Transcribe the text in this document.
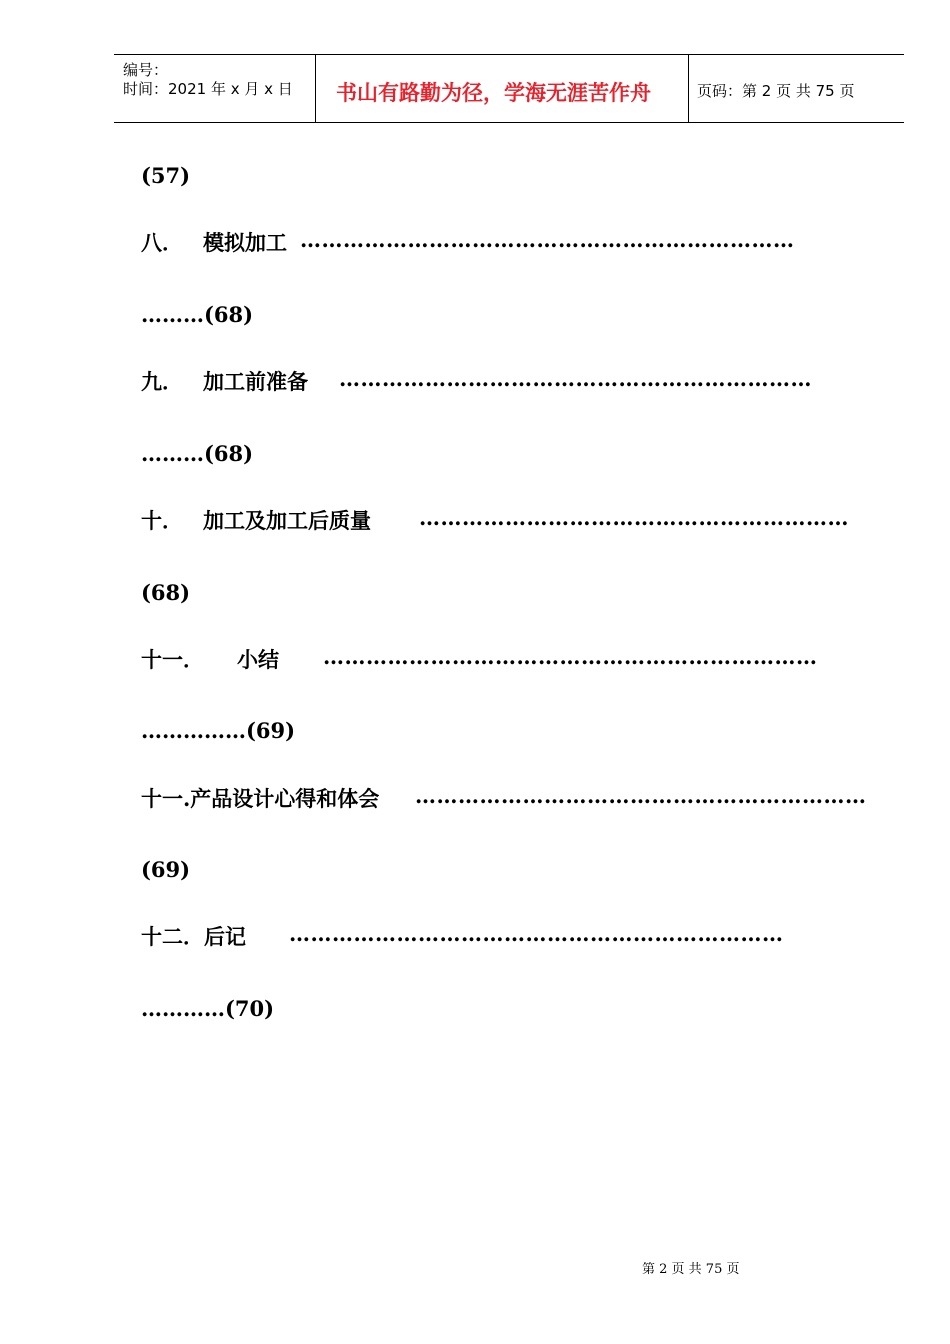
编号：
时间：2021 年 x 月 x 日 书山有路勤为径，学海无涯苦作舟	页码：第 2 页 共 75 页
(57)
八． 模拟加工 ……………………………………………………………
………(68)
九． 加工前准备 …………………………………………………………
………(68)
十． 加工及加工后质量 ……………………………………………………
(68)
十一． 小结 ……………………………………………………………
……………(69)
十一.产品设计心得和体会 ………………………………………………………
(69)
十二．后记 ……………………………………………………………
…………(70)
第 2 页 共 75 页
